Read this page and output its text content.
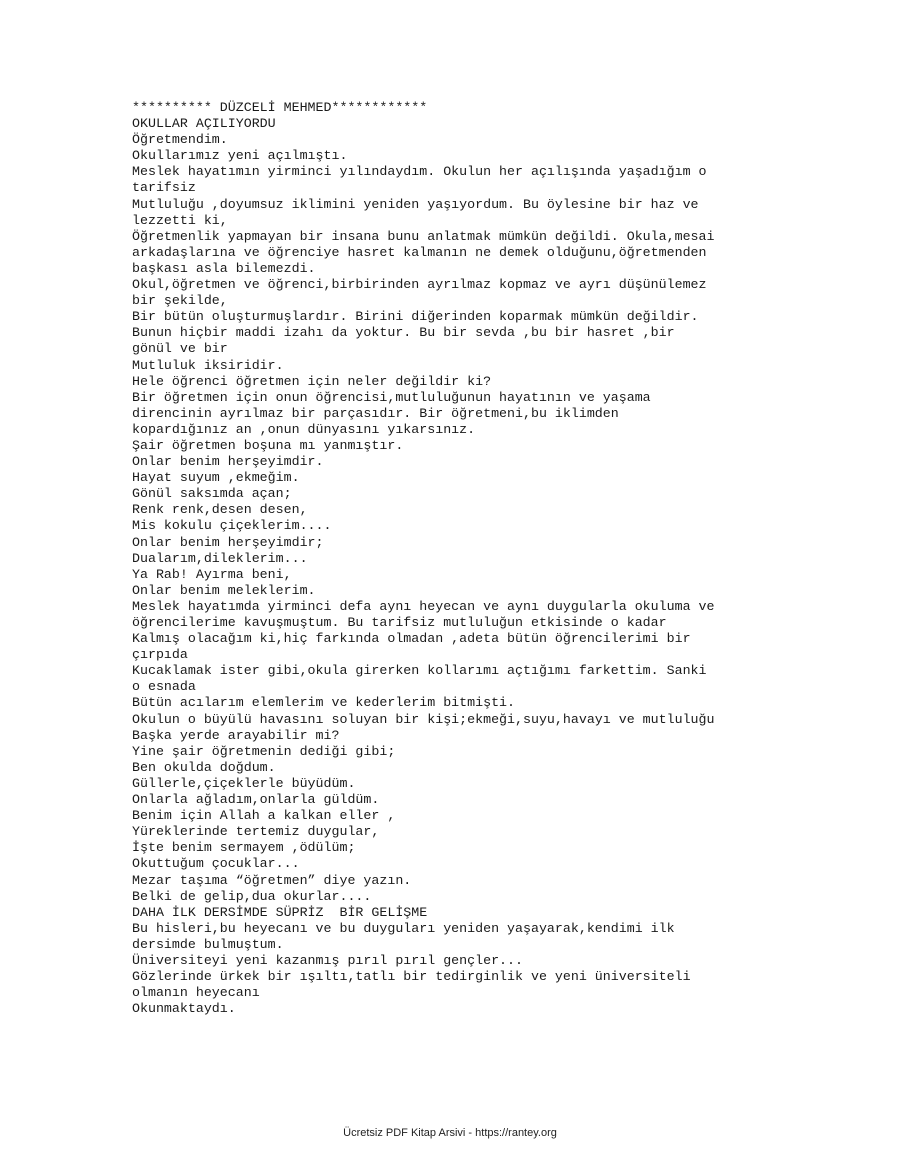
********** DÜZCELİ MEHMED************
OKULLAR AÇILIYORDU
Öğretmendim.
Okullarımız yeni açılmıştı.
Meslek hayatımın yirminci yılındaydım. Okulun her açılışında yaşadığım o
tarifsiz
Mutluluğu ,doyumsuz iklimini yeniden yaşıyordum. Bu öylesine bir haz ve
lezzetti ki,
Öğretmenlik yapmayan bir insana bunu anlatmak mümkün değildi. Okula,mesai
arkadaşlarına ve öğrenciye hasret kalmanın ne demek olduğunu,öğretmenden
başkası asla bilemezdi.
Okul,öğretmen ve öğrenci,birbirinden ayrılmaz kopmaz ve ayrı düşünülemez
bir şekilde,
Bir bütün oluşturmuşlardır. Birini diğerinden koparmak mümkün değildir.
Bunun hiçbir maddi izahı da yoktur. Bu bir sevda ,bu bir hasret ,bir
gönül ve bir
Mutluluk iksiridir.
Hele öğrenci öğretmen için neler değildir ki?
Bir öğretmen için onun öğrencisi,mutluluğunun hayatının ve yaşama
direncinin ayrılmaz bir parçasıdır. Bir öğretmeni,bu iklimden
kopardığınız an ,onun dünyasını yıkarsınız.
Şair öğretmen boşuna mı yanmıştır.
Onlar benim herşeyimdir.
Hayat suyum ,ekmeğim.
Gönül saksımda açan;
Renk renk,desen desen,
Mis kokulu çiçeklerim....
Onlar benim herşeyimdir;
Dualarım,dileklerim...
Ya Rab! Ayırma beni,
Onlar benim meleklerim.
Meslek hayatımda yirminci defa aynı heyecan ve aynı duygularla okuluma ve
öğrencilerime kavuşmuştum. Bu tarifsiz mutluluğun etkisinde o kadar
Kalmış olacağım ki,hiç farkında olmadan ,adeta bütün öğrencilerimi bir
çırpıda
Kucaklamak ister gibi,okula girerken kollarımı açtığımı farkettim. Sanki
o esnada
Bütün acılarım elemlerim ve kederlerim bitmişti.
Okulun o büyülü havasını soluyan bir kişi;ekmeği,suyu,havayı ve mutluluğu
Başka yerde arayabilir mi?
Yine şair öğretmenin dediği gibi;
Ben okulda doğdum.
Güllerle,çiçeklerle büyüdüm.
Onlarla ağladım,onlarla güldüm.
Benim için Allah a kalkan eller ,
Yüreklerinde tertemiz duygular,
İşte benim sermayem ,ödülüm;
Okuttuğum çocuklar...
Mezar taşıma “öğretmen” diye yazın.
Belki de gelip,dua okurlar....
DAHA İLK DERSİMDE SÜPRİZ  BİR GELİŞME
Bu hisleri,bu heyecanı ve bu duyguları yeniden yaşayarak,kendimi ilk
dersimde bulmuştum.
Üniversiteyi yeni kazanmış pırıl pırıl gençler...
Gözlerinde ürkek bir ışıltı,tatlı bir tedirginlik ve yeni üniversiteli
olmanın heyecanı
Okunmaktaydı.
Ücretsiz PDF Kitap Arsivi - https://rantey.org
